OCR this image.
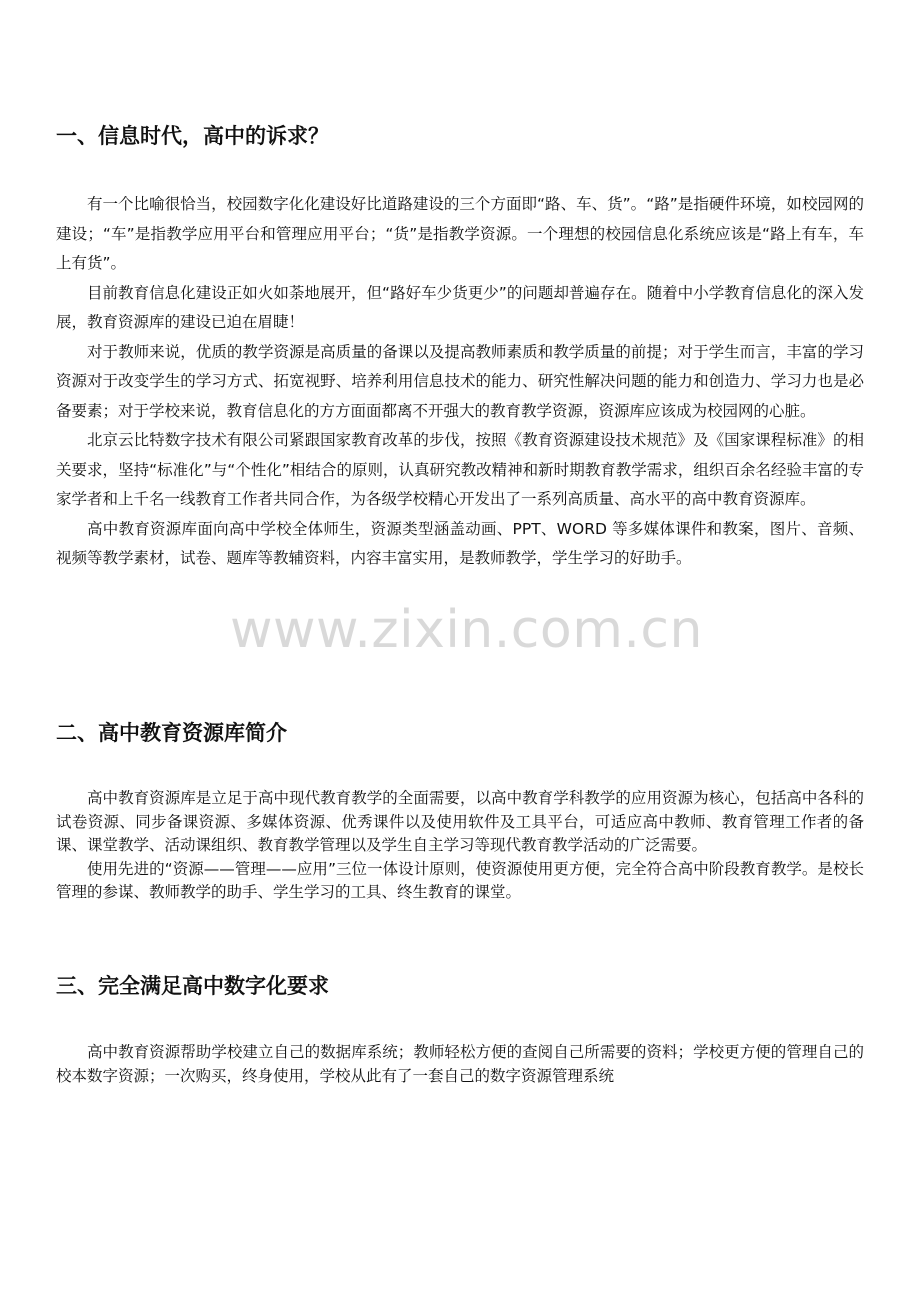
www.zixin.com.cn
一、信息时代，高中的诉求？

有一个比喻很恰当，校园数字化化建设好比道路建设的三个方面即“路、车、货”。“路”是指硬件环境，如校园网的建设；“车”是指教学应用平台和管理应用平台；“货”是指教学资源。一个理想的校园信息化系统应该是“路上有车，车上有货”。

目前教育信息化建设正如火如荼地展开，但“路好车少货更少”的问题却普遍存在。随着中小学教育信息化的深入发展，教育资源库的建设已迫在眉睫！

对于教师来说，优质的教学资源是高质量的备课以及提高教师素质和教学质量的前提；对于学生而言，丰富的学习资源对于改变学生的学习方式、拓宽视野、培养利用信息技术的能力、研究性解决问题的能力和创造力、学习力也是必备要素；对于学校来说，教育信息化的方方面面都离不开强大的教育教学资源，资源库应该成为校园网的心脏。

北京云比特数字技术有限公司紧跟国家教育改革的步伐，按照《教育资源建设技术规范》及《国家课程标准》的相关要求，坚持“标准化”与“个性化”相结合的原则，认真研究教改精神和新时期教育教学需求，组织百余名经验丰富的专家学者和上千名一线教育工作者共同合作，为各级学校精心开发出了一系列高质量、高水平的高中教育资源库。

高中教育资源库面向高中学校全体师生，资源类型涵盖动画、PPT、WORD 等多媒体课件和教案，图片、音频、视频等教学素材，试卷、题库等教辅资料，内容丰富实用，是教师教学，学生学习的好助手。

二、高中教育资源库简介

高中教育资源库是立足于高中现代教育教学的全面需要，以高中教育学科教学的应用资源为核心，包括高中各科的试卷资源、同步备课资源、多媒体资源、优秀课件以及使用软件及工具平台，可适应高中教师、教育管理工作者的备课、课堂教学、活动课组织、教育教学管理以及学生自主学习等现代教育教学活动的广泛需要。

使用先进的“资源——管理——应用”三位一体设计原则，使资源使用更方便，完全符合高中阶段教育教学。是校长管理的参谋、教师教学的助手、学生学习的工具、终生教育的课堂。

三、完全满足高中数字化要求

高中教育资源帮助学校建立自己的数据库系统；教师轻松方便的查阅自己所需要的资料；学校更方便的管理自己的校本数字资源；一次购买，终身使用，学校从此有了一套自己的数字资源管理系统
